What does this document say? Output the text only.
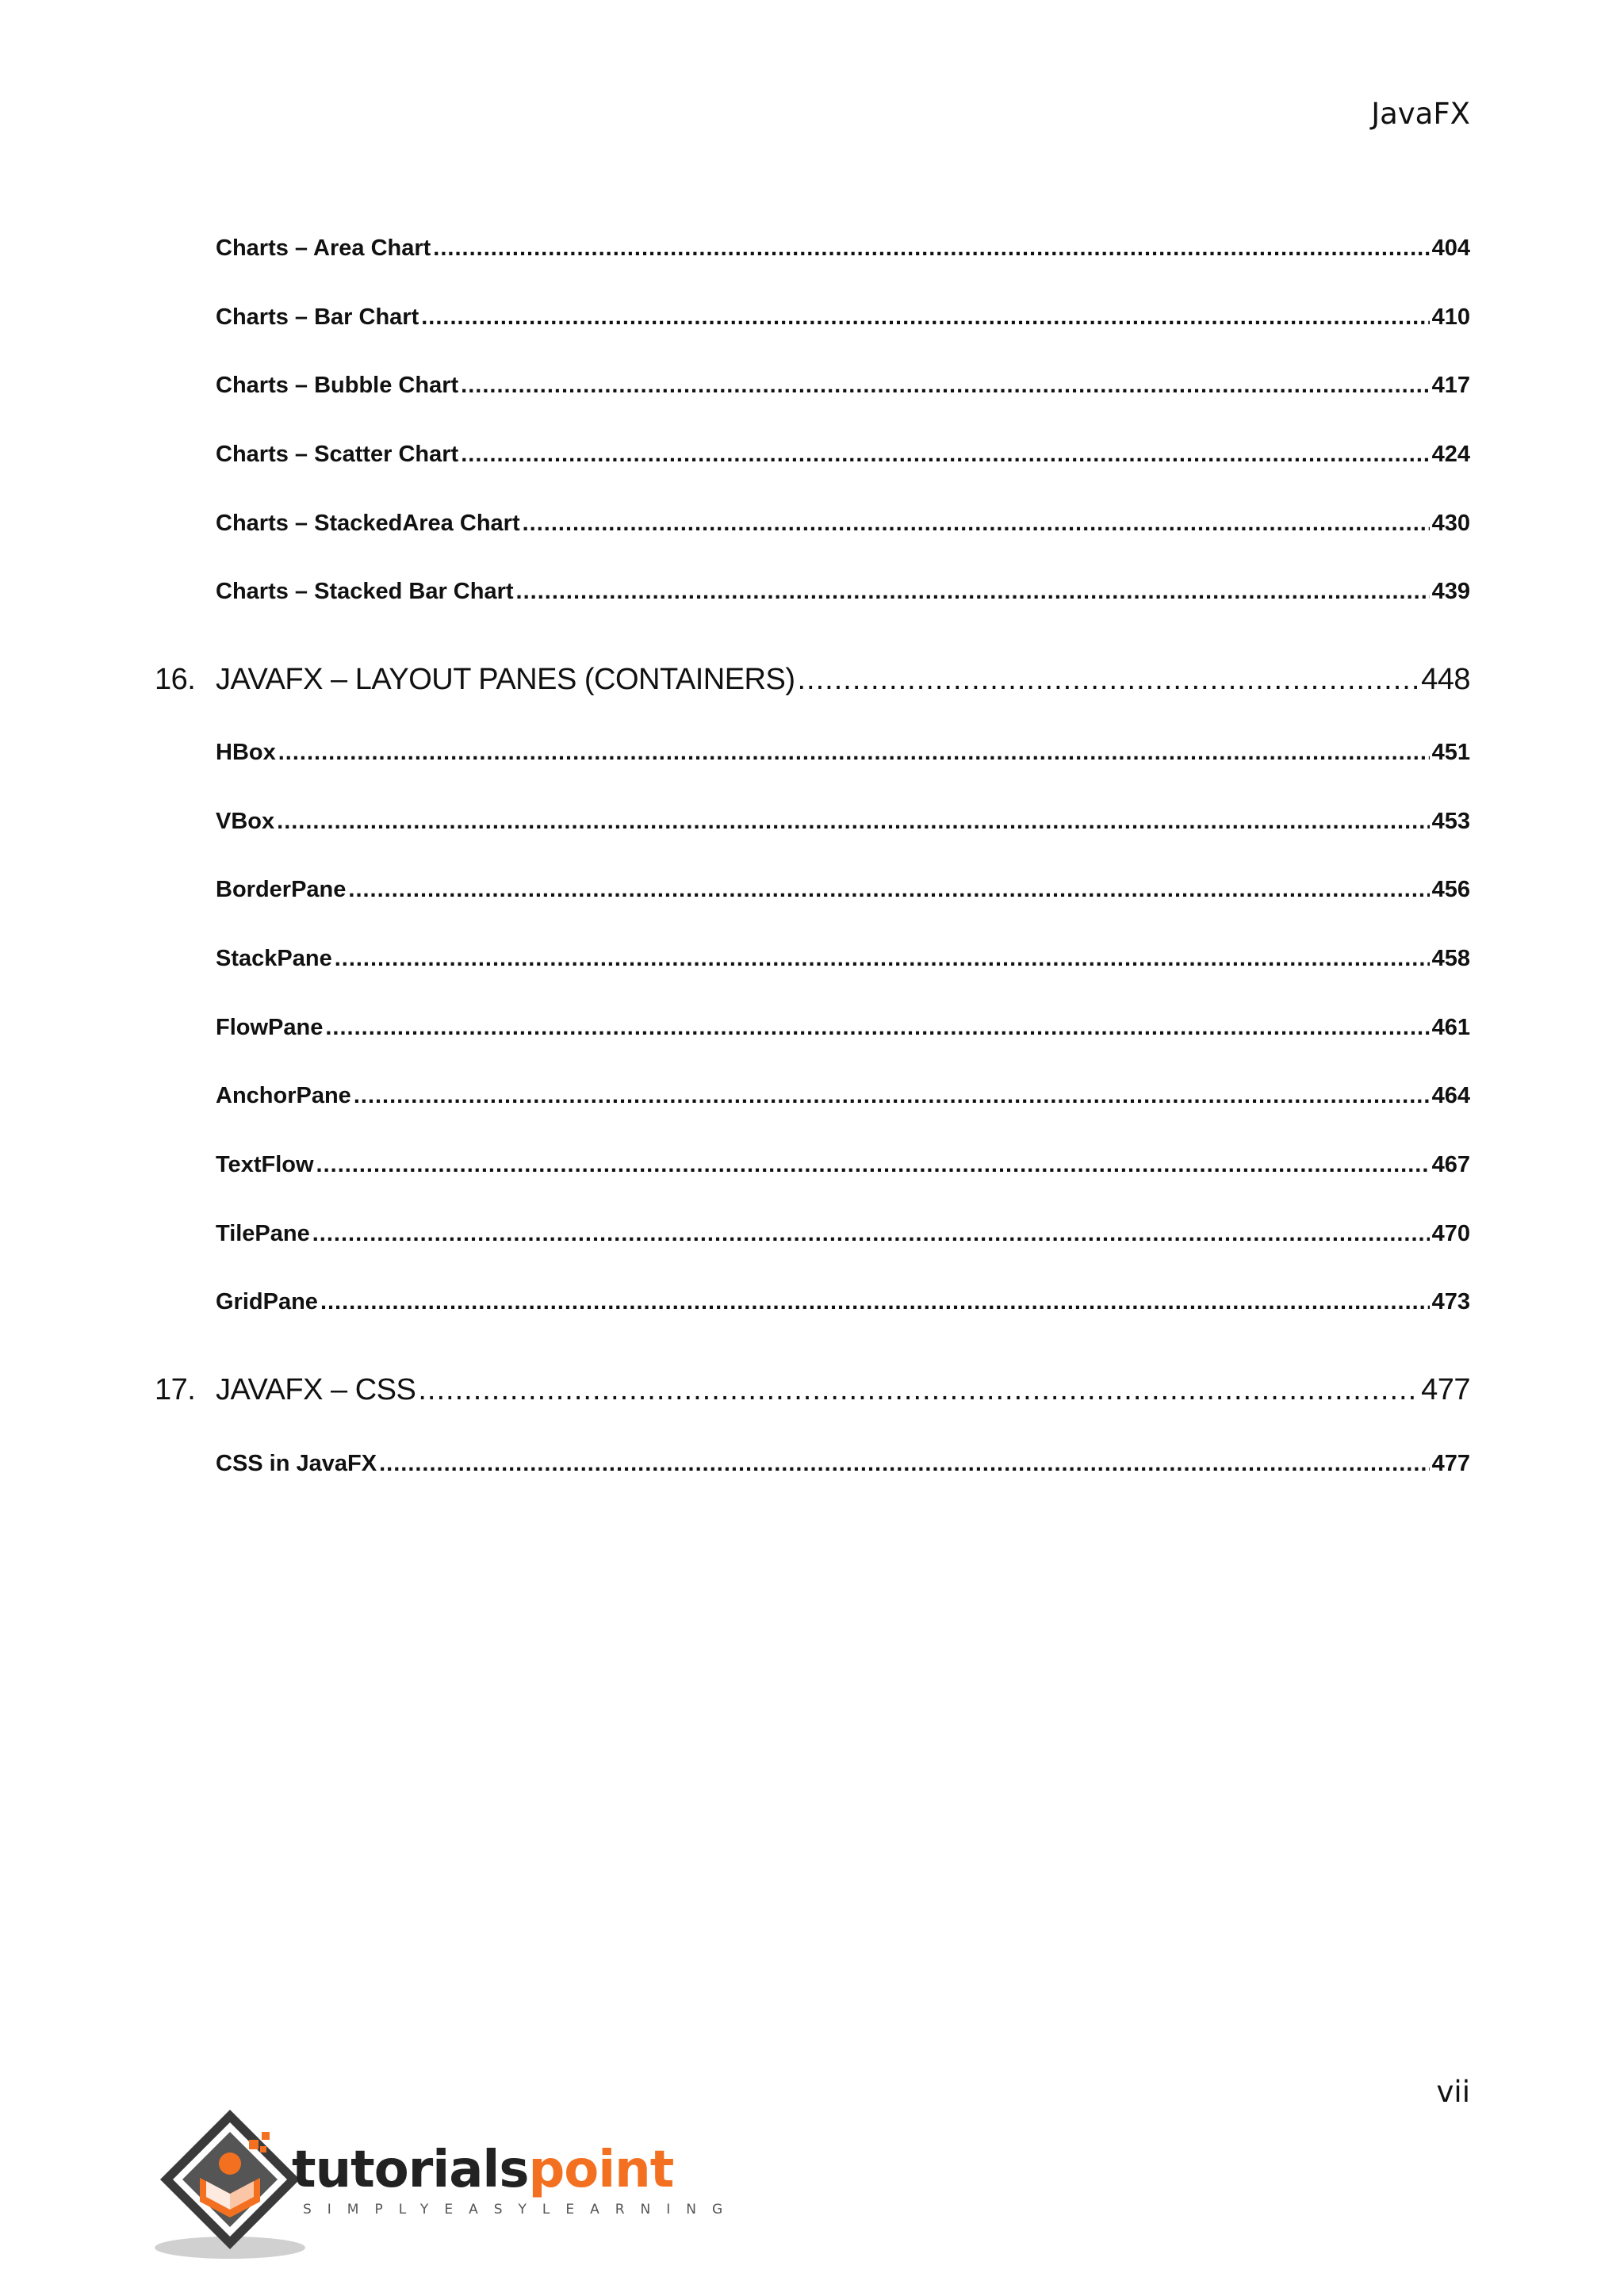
JavaFX
Charts – Area Chart .....	404
Charts – Bar Chart .....	410
Charts – Bubble Chart .....	417
Charts – Scatter Chart .....	424
Charts – StackedArea Chart .....	430
Charts – Stacked Bar Chart .....	439
16. JAVAFX – LAYOUT PANES (CONTAINERS) .....	448
HBox .....	451
VBox .....	453
BorderPane .....	456
StackPane .....	458
FlowPane .....	461
AnchorPane .....	464
TextFlow .....	467
TilePane .....	470
GridPane .....	473
17. JAVAFX – CSS .....	477
CSS in JavaFX .....	477
vii
tutorialspoint
SIMPLYEASYLEARNING
